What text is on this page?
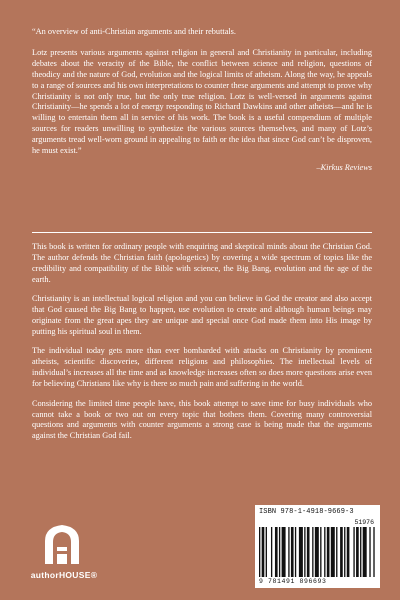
“An overview of anti-Christian arguments and their rebuttals.

Lotz presents various arguments against religion in general and Christianity in particular, including debates about the veracity of the Bible, the conflict between science and religion, questions of theodicy and the nature of God, evolution and the logical limits of atheism. Along the way, he appeals to a range of sources and his own interpretations to counter these arguments and attempt to prove why Christianity is not only true, but the only true religion. Lotz is well-versed in arguments against Christianity—he spends a lot of energy responding to Richard Dawkins and other atheists—and he is willing to entertain them all in service of his work. The book is a useful compendium of multiple sources for readers unwilling to synthesize the various sources themselves, and many of Lotz’s arguments tread well-worn ground in appealing to faith or the idea that since God can’t be disproven, he must exist.”

–Kirkus Reviews

This book is written for ordinary people with enquiring and skeptical minds about the Christian God. The author defends the Christian faith (apologetics) by covering a wide spectrum of topics like the credibility and compatibility of the Bible with science, the Big Bang, evolution and the age of the earth.

Christianity is an intellectual logical religion and you can believe in God the creator and also accept that God caused the Big Bang to happen, use evolution to create and although human beings may originate from the great apes they are unique and special once God made them into His image by putting his spiritual soul in them.

The individual today gets more than ever bombarded with attacks on Christianity by prominent atheists, scientific discoveries, different religions and philosophies. The intellectual levels of individual’s increases all the time and as knowledge increases often so does more questions arise even for believing Christians like why is there so much pain and suffering in the world.

Considering the limited time people have, this book attempt to save time for busy individuals who cannot take a book or two out on every topic that bothers them. Covering many controversial questions and arguments with counter arguments a strong case is being made that the arguments against the Christian God fail.

authorHOUSE®
ISBN 978-1-4918-9669-3
51976
9 781491 896693
